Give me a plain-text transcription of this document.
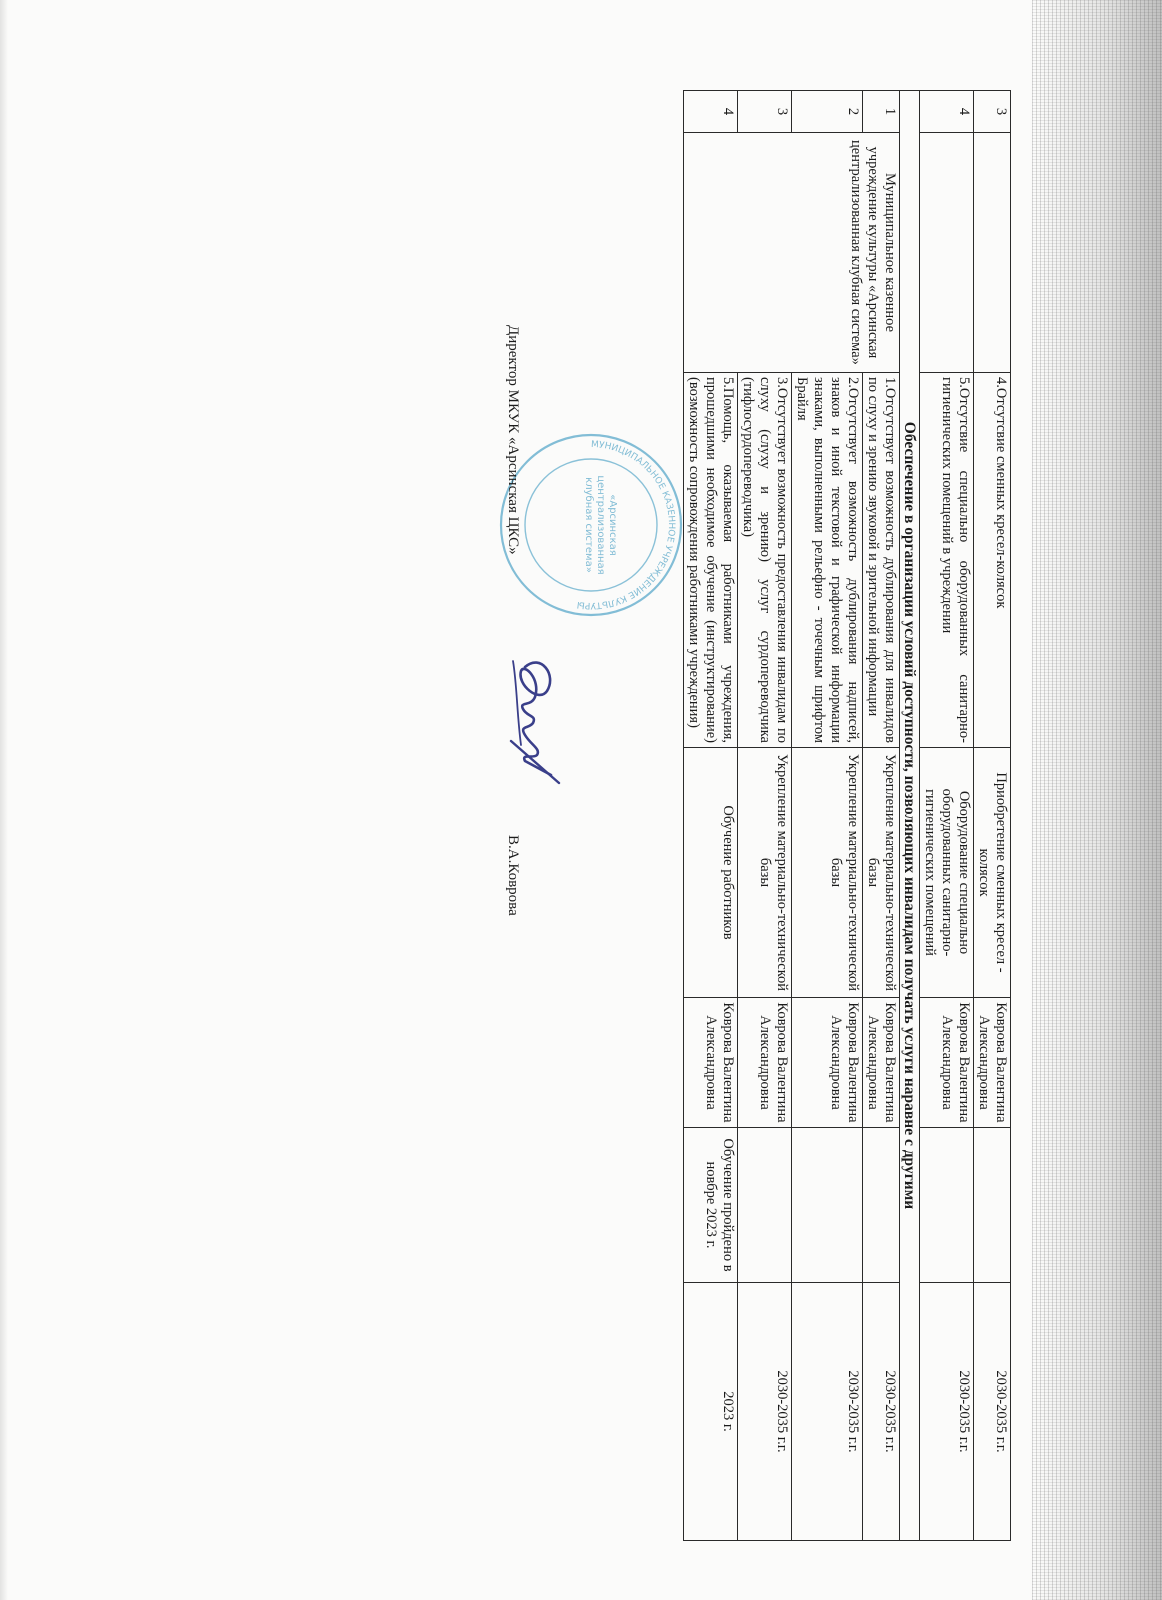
3		4.Отсутсвие сменных кресел-колясок	Приобретение сменных кресел - колясок	Коврова Валентина Александровна		2030-2035 г.г.
4		5.Отсутсвие специально оборудованных санитарно-гигиенических помещений в учреждении	Оборудование специально оборудованных санитарно-гигиенических помещений	Коврова Валентина Александровна		2030-2035 г.г.
Обеспечение в организации условий доступности, позволяющих инвалидам получать услуги наравне с другими						
1	Муниципальное казенное учреждение культуры «Арсинская централизованная клубная система»	1.Отсутствует возможность дублирования для инвалидов по слуху и зрению звуковой и зрительной информации	Укрепление материально-технической базы	Коврова Валентина Александровна		2030-2035 г.г.
2		2.Отсутствует возможность дублирования надписей, знаков и иной текстовой и графической информации знаками, выполненными рельефно - точечным шрифтом Брайля	Укрепление материально-технической базы	Коврова Валентина Александровна		2030-2035 г.г.
3		3.Отсутствует возможность предоставления инвалидам по слуху (слуху и зрению) услуг сурдопереводчика (тифлосурдопереводчика)	Укрепление материально-технической базы	Коврова Валентина Александровна		2030-2035 г.г.
4		5.Помощь, оказываемая работниками учреждения, прошедшими необходимое обучение (инструктирование) (возможность сопровождения работниками учреждения)	Обучение работников	Коврова Валентина Александровна	Обучение пройдено в новбре 2023 г.	2023 г.
МУНИЦИПАЛЬНОЕ КАЗЕННОЕ УЧРЕЖДЕНИЕ КУЛЬТУРЫ
«Арсинская централизованная клубная система»
Директор МКУК «Арсинская ЦКС»
В.А.Коврова
